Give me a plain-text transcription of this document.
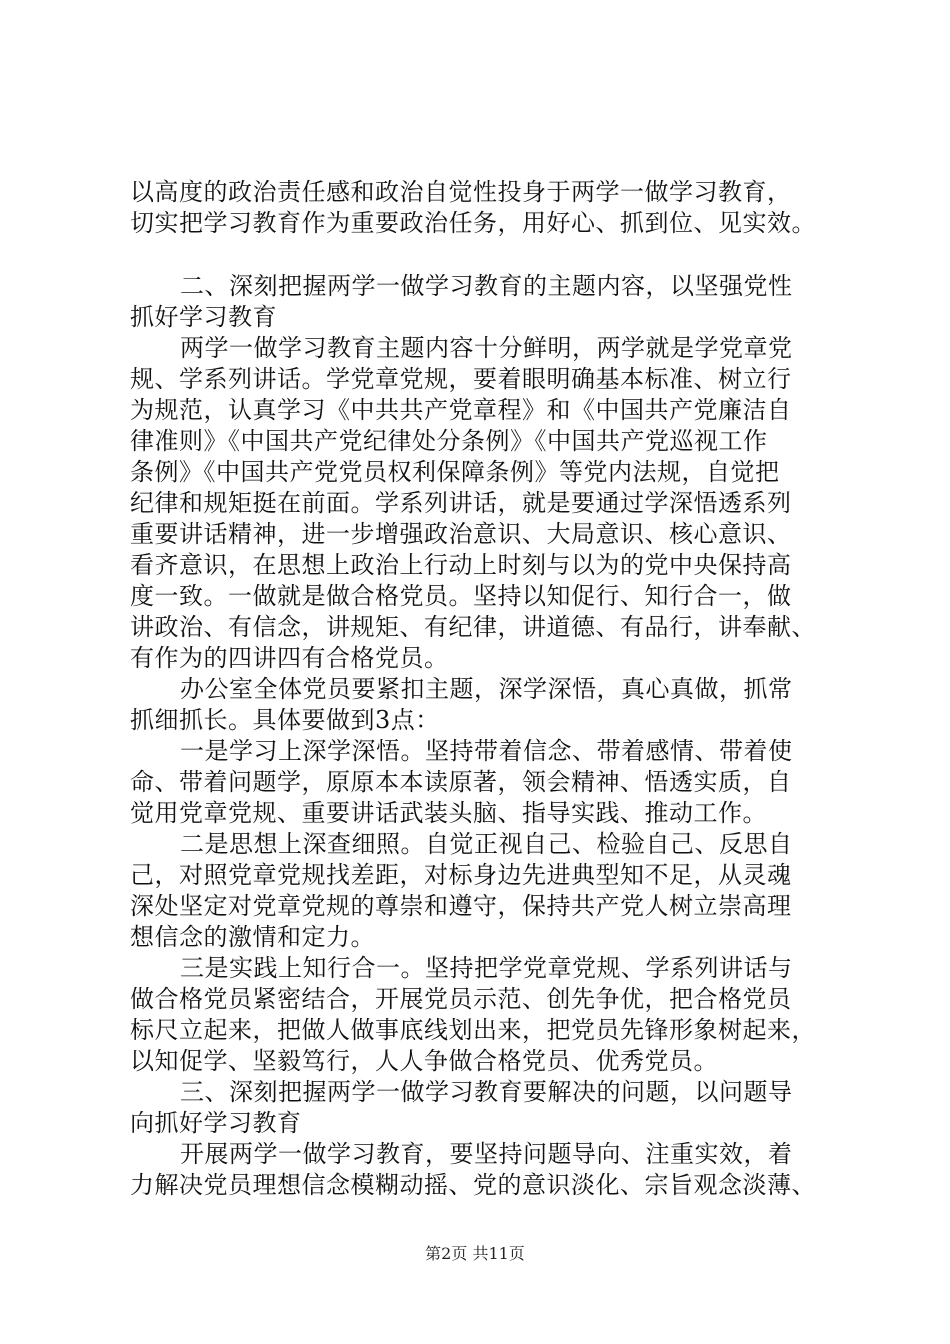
以高度的政治责任感和政治自觉性投身于两学一做学习教育，
切实把学习教育作为重要政治任务，用好心、抓到位、见实效。
二、深刻把握两学一做学习教育的主题内容，以坚强党性
抓好学习教育
两学一做学习教育主题内容十分鲜明，两学就是学党章党
规、学系列讲话。学党章党规，要着眼明确基本标准、树立行
为规范，认真学习《中共共产党章程》和《中国共产党廉洁自
律准则》《中国共产党纪律处分条例》《中国共产党巡视工作
条例》《中国共产党党员权利保障条例》等党内法规，自觉把
纪律和规矩挺在前面。学系列讲话，就是要通过学深悟透系列
重要讲话精神，进一步增强政治意识、大局意识、核心意识、
看齐意识，在思想上政治上行动上时刻与以为的党中央保持高
度一致。一做就是做合格党员。坚持以知促行、知行合一，做
讲政治、有信念，讲规矩、有纪律，讲道德、有品行，讲奉献、
有作为的四讲四有合格党员。
办公室全体党员要紧扣主题，深学深悟，真心真做，抓常
抓细抓长。具体要做到3点：
一是学习上深学深悟。坚持带着信念、带着感情、带着使
命、带着问题学，原原本本读原著，领会精神、悟透实质，自
觉用党章党规、重要讲话武装头脑、指导实践、推动工作。
二是思想上深查细照。自觉正视自己、检验自己、反思自
己，对照党章党规找差距，对标身边先进典型知不足，从灵魂
深处坚定对党章党规的尊崇和遵守，保持共产党人树立崇高理
想信念的激情和定力。
三是实践上知行合一。坚持把学党章党规、学系列讲话与
做合格党员紧密结合，开展党员示范、创先争优，把合格党员
标尺立起来，把做人做事底线划出来，把党员先锋形象树起来，
以知促学、坚毅笃行，人人争做合格党员、优秀党员。
三、深刻把握两学一做学习教育要解决的问题，以问题导
向抓好学习教育
开展两学一做学习教育，要坚持问题导向、注重实效，着
力解决党员理想信念模糊动摇、党的意识淡化、宗旨观念淡薄、
第2页 共11页
